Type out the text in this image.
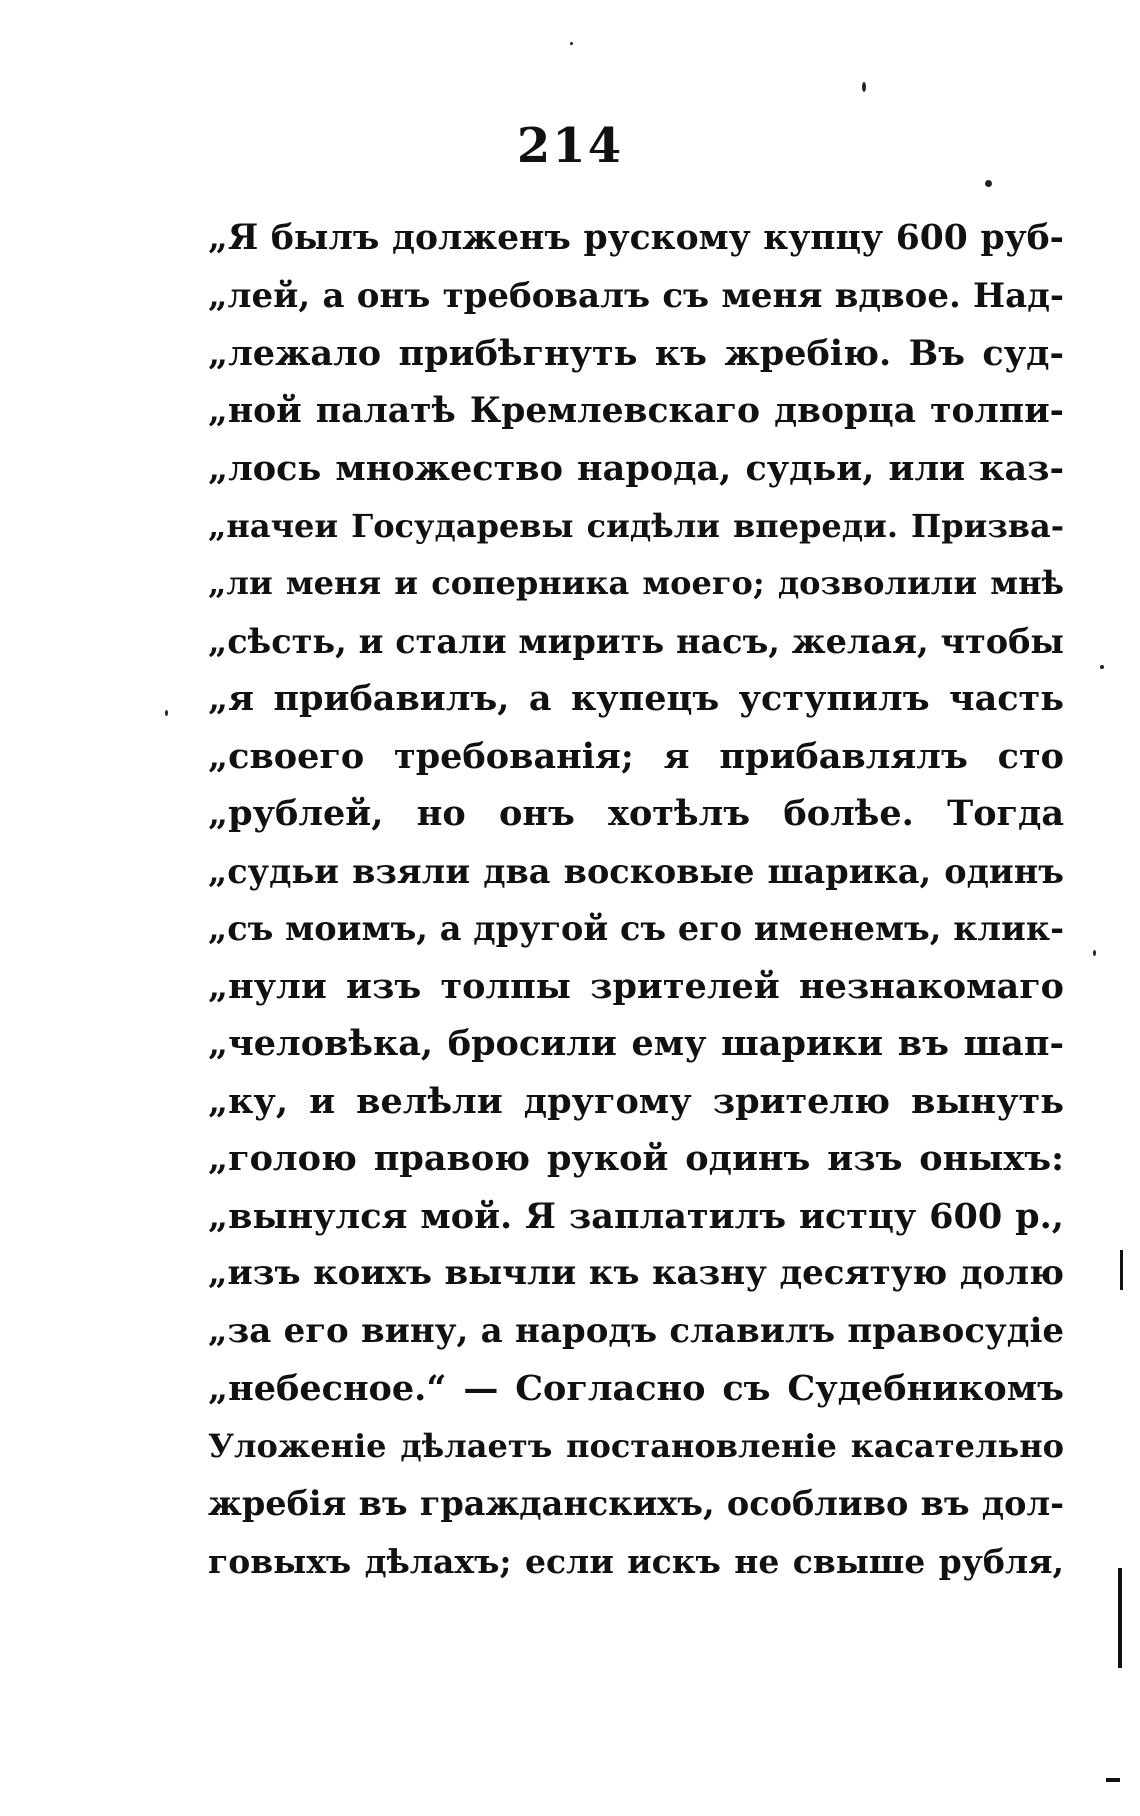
214
„Я былъ долженъ рускому купцу 600 руб-
„лей, а онъ требовалъ съ меня вдвое. Над-
„лежало прибѣгнуть къ жребію. Въ суд-
„ной палатѣ Кремлевскаго дворца толпи-
„лось множество народа, судьи, или каз-
„начеи Государевы сидѣли впереди. Призва-
„ли меня и соперника моего; дозволили мнѣ
„сѣсть, и стали мирить насъ, желая, чтобы
„я прибавилъ, а купецъ уступилъ часть
„своего требованія; я прибавлялъ сто
„рублей, но онъ хотѣлъ болѣе. Тогда
„судьи взяли два восковые шарика, одинъ
„съ моимъ, а другой съ его именемъ, клик-
„нули изъ толпы зрителей незнакомаго
„человѣка, бросили ему шарики въ шап-
„ку, и велѣли другому зрителю вынуть
„голою правою рукой одинъ изъ оныхъ:
„вынулся мой. Я заплатилъ истцу 600 р.,
„изъ коихъ вычли къ казну десятую долю
„за его вину, а народъ славилъ правосудіе
„небесное.“ — Согласно съ Судебникомъ
Уложеніе дѣлаетъ постановленіе касательно
жребія въ гражданскихъ, особливо въ дол-
говыхъ дѣлахъ; если искъ не свыше рубля,
